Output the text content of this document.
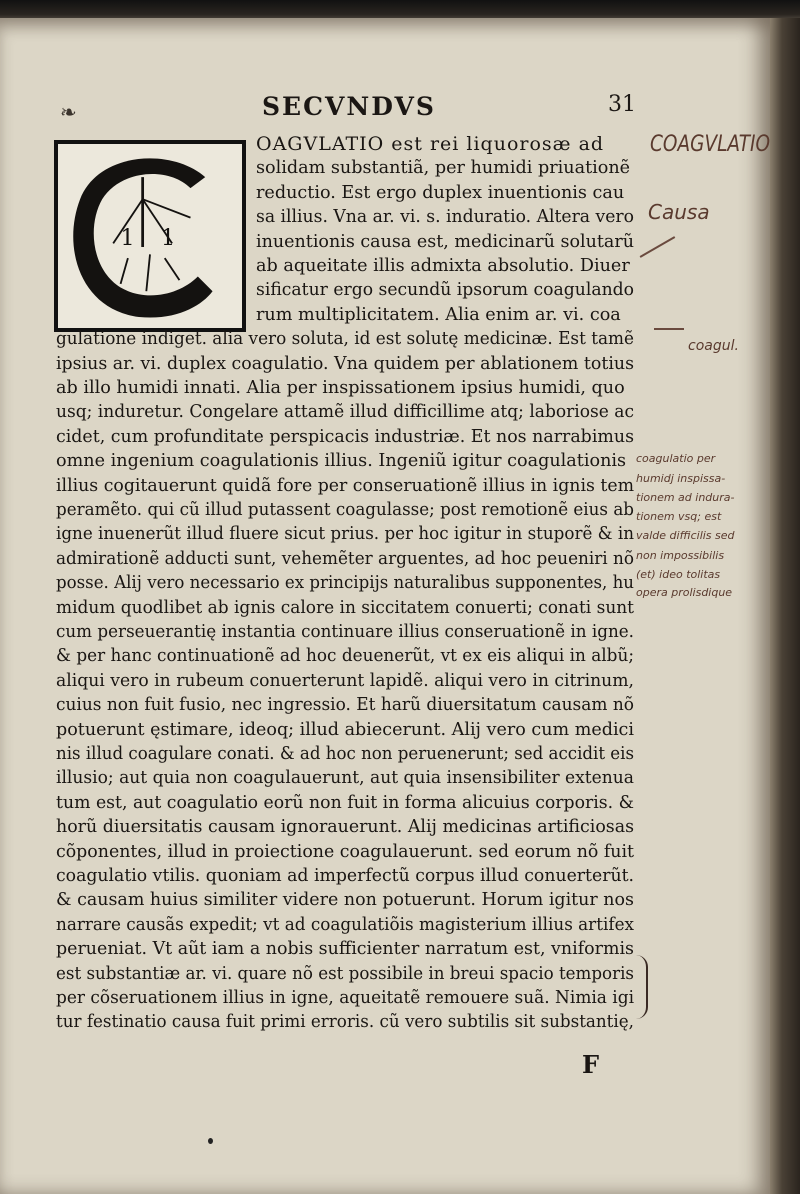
❧	SECVNDVS	31
1 1
OAGVLATIO est rei liquorosæ ad
solidam substantiã, per humidi priuationẽ
reductio. Est ergo duplex inuentionis cau
sa illius. Vna ar. vi. s. induratio. Altera vero
inuentionis causa est, medicinarũ solutarũ
ab aqueitate illis admixta absolutio. Diuer
sificatur ergo secundũ ipsorum coagulando
rum multiplicitatem. Alia enim ar. vi. coa
gulatione indiget. alia vero soluta, id est solutę medicinæ. Est tamẽ
ipsius ar. vi. duplex coagulatio. Vna quidem per ablationem totius
ab illo humidi innati. Alia per inspissationem ipsius humidi, quo
usq; induretur. Congelare attamẽ illud difficillime atq; laboriose ac
cidet, cum profunditate perspicacis industriæ. Et nos narrabimus
omne ingenium coagulationis illius. Ingeniũ igitur coagulationis
illius cogitauerunt quidã fore per conseruationẽ illius in ignis tem
peramẽto. qui cũ illud putassent coagulasse; post remotionẽ eius ab
igne inuenerũt illud fluere sicut prius. per hoc igitur in stuporẽ & in
admirationẽ adducti sunt, vehemẽter arguentes, ad hoc peueniri nõ
posse. Alij vero necessario ex principijs naturalibus supponentes, hu
midum quodlibet ab ignis calore in siccitatem conuerti; conati sunt
cum perseuerantię instantia continuare illius conseruationẽ in igne.
& per hanc continuationẽ ad hoc deuenerũt, vt ex eis aliqui in albũ;
aliqui vero in rubeum conuerterunt lapidẽ. aliqui vero in citrinum,
cuius non fuit fusio, nec ingressio. Et harũ diuersitatum causam nõ
potuerunt ęstimare, ideoq; illud abiecerunt. Alij vero cum medici
nis illud coagulare conati. & ad hoc non peruenerunt; sed accidit eis
illusio; aut quia non coagulauerunt, aut quia insensibiliter extenua
tum est, aut coagulatio eorũ non fuit in forma alicuius corporis. &
horũ diuersitatis causam ignorauerunt. Alij medicinas artificiosas
cõponentes, illud in proiectione coagulauerunt. sed eorum nõ fuit
coagulatio vtilis. quoniam ad imperfectũ corpus illud conuerterũt.
& causam huius similiter videre non potuerunt. Horum igitur nos
narrare causãs expedit; vt ad coagulatiõis magisterium illius artifex
perueniat. Vt aũt iam a nobis sufficienter narratum est, vniformis
est substantiæ ar. vi. quare nõ est possibile in breui spacio temporis
per cõseruationem illius in igne, aqueitatẽ remouere suã. Nimia igi
tur festinatio causa fuit primi erroris. cũ vero subtilis sit substantię,
F
COAGVLATIO
Causa
coagul.
coagulatio per
humidj inspissa-
tionem ad indura-
tionem vsq; est
valde difficilis sed
non impossibilis
(et) ideo tolitas
opera prolisdique
